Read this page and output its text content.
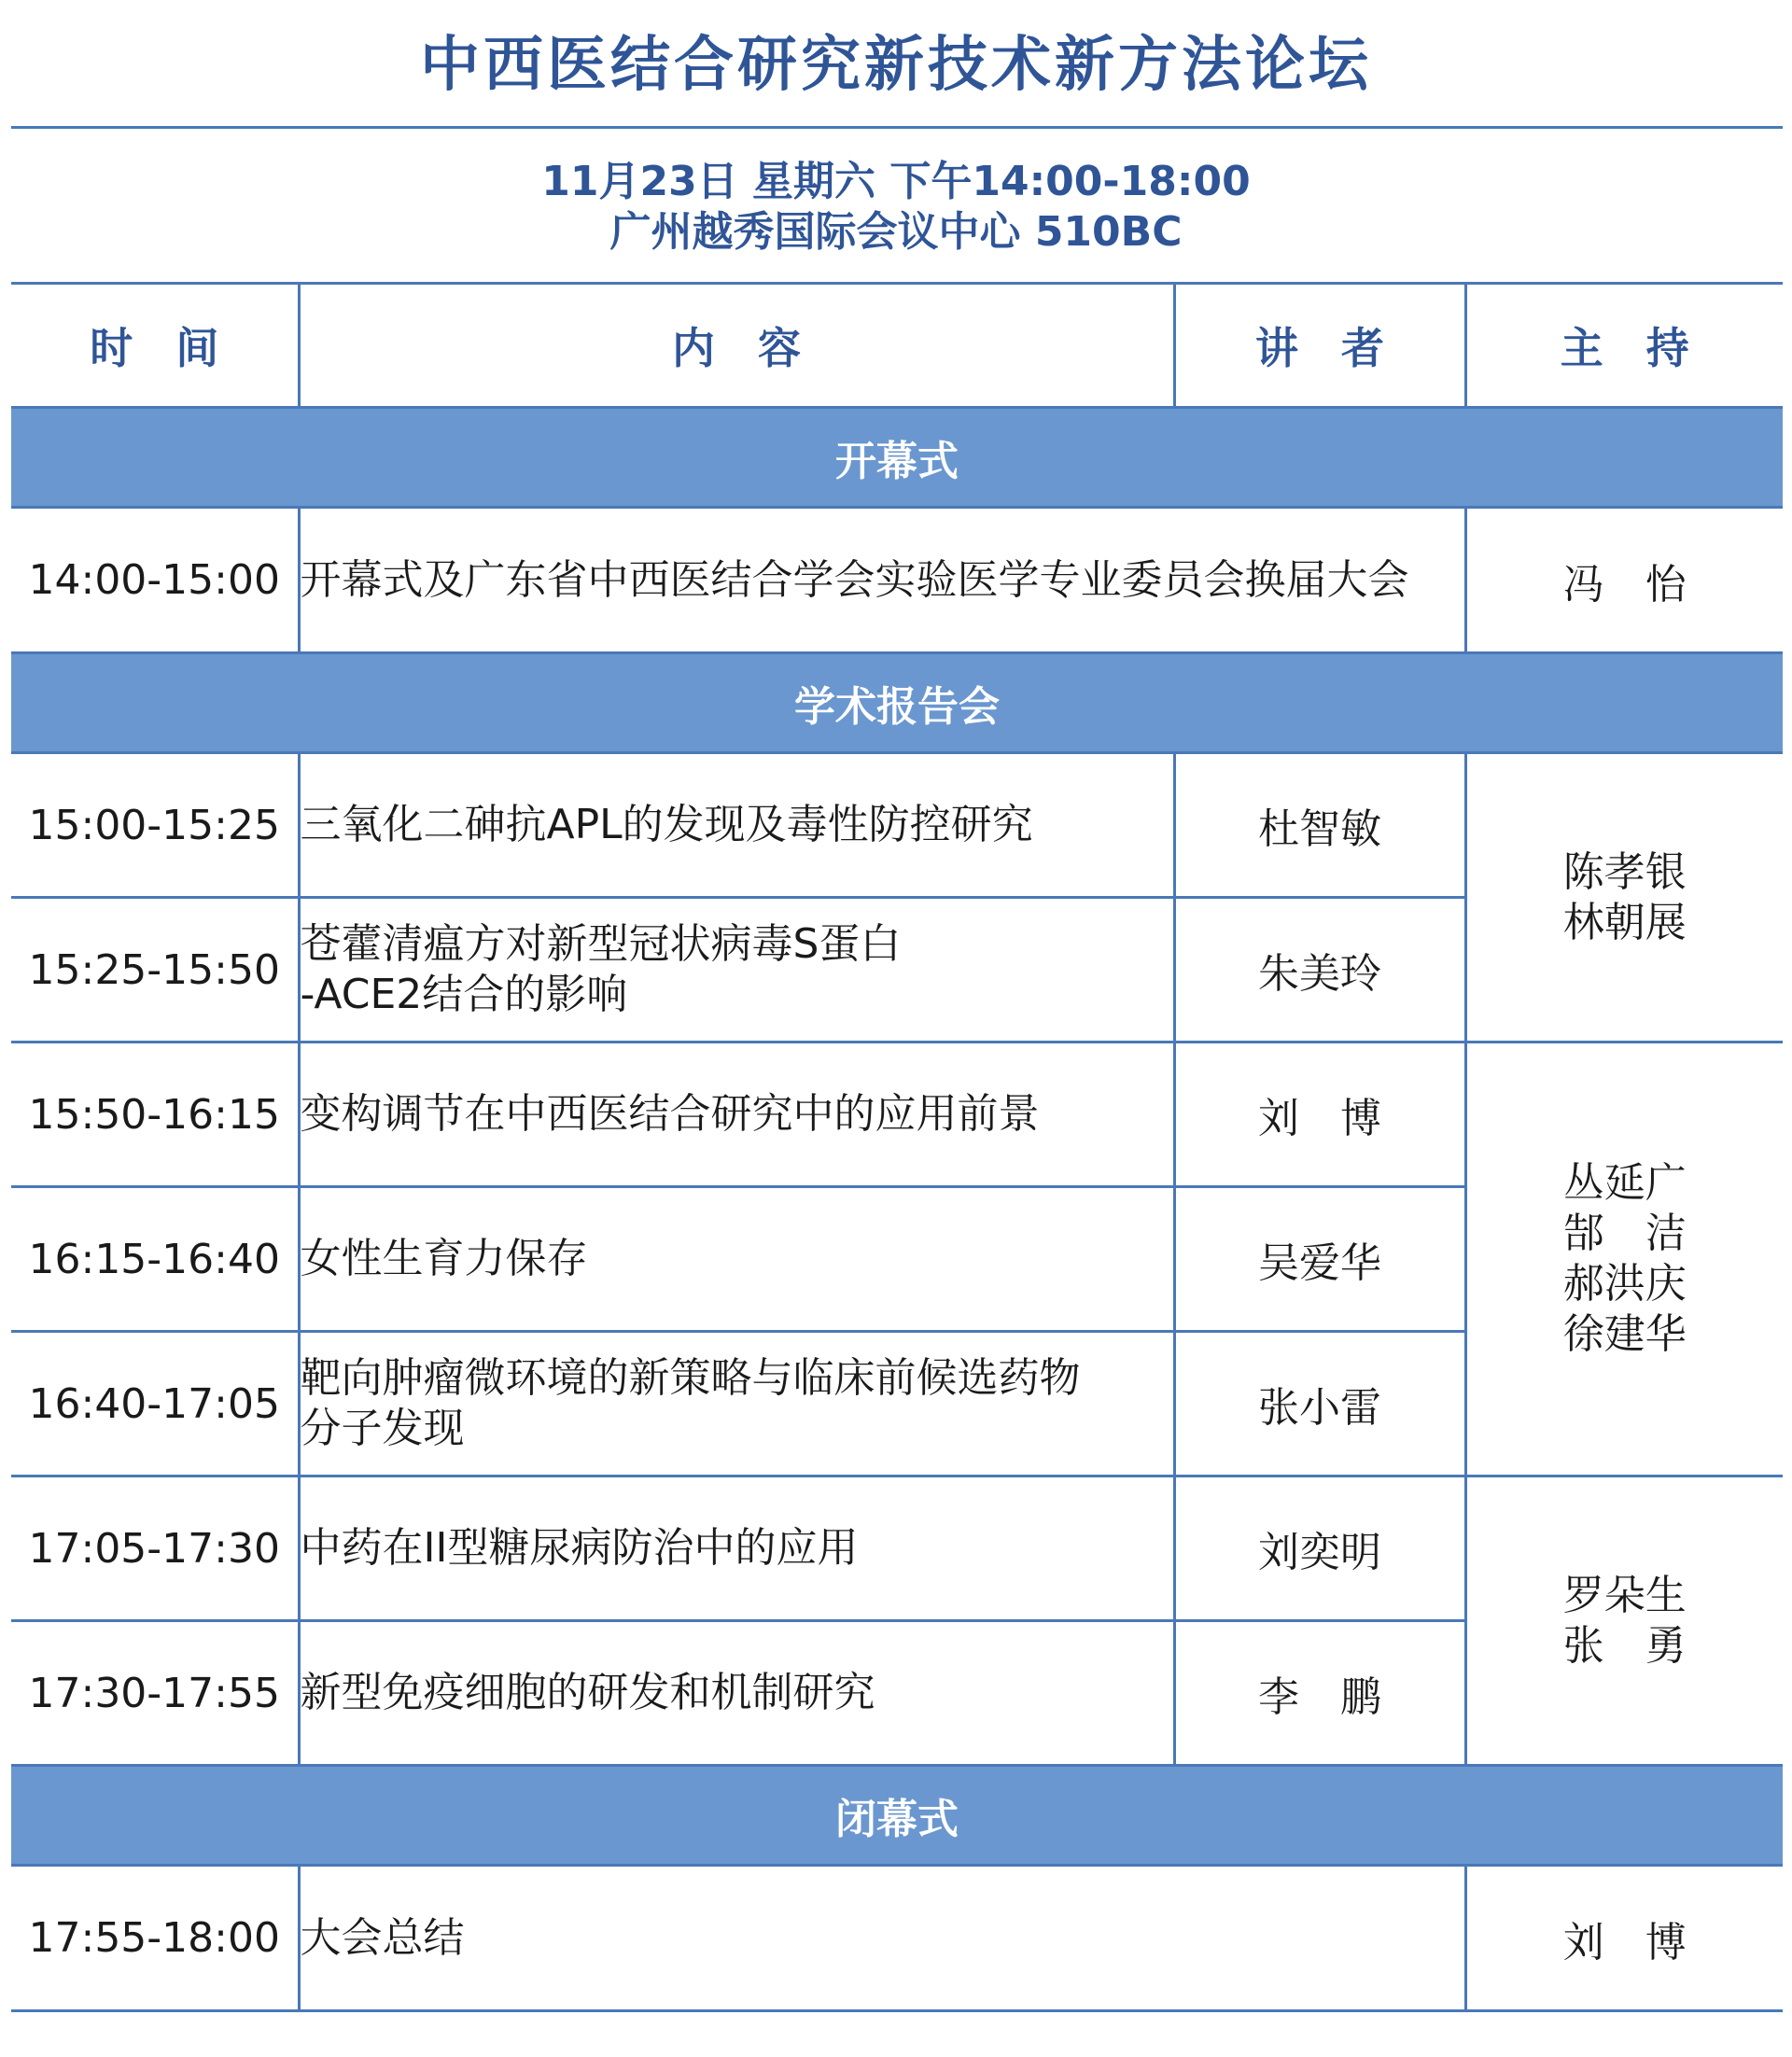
中西医结合研究新技术新方法论坛
11月23日 星期六 下午14:00-18:00
广州越秀国际会议中心 510BC
时　间	内　容	讲　者	主　持
开幕式			
14:00-15:00	开幕式及广东省中西医结合学会实验医学专业委员会换届大会		冯　怡
学术报告会			
15:00-15:25	三氧化二砷抗APL的发现及毒性防控研究	杜智敏	陈孝银
林朝展

15:25-15:50	苍藿清瘟方对新型冠状病毒S蛋白
-ACE2结合的影响	朱美玲	
15:50-16:15	变构调节在中西医结合研究中的应用前景	刘　博	丛延广
郜　洁
郝洪庆
徐建华

16:15-16:40	女性生育力保存	吴爱华	
16:40-17:05	靶向肿瘤微环境的新策略与临床前候选药物
分子发现	张小雷	
17:05-17:30	中药在II型糖尿病防治中的应用	刘奕明	罗朵生
张　勇

17:30-17:55	新型免疫细胞的研发和机制研究	李　鹏	
闭幕式			
17:55-18:00	大会总结		刘　博
